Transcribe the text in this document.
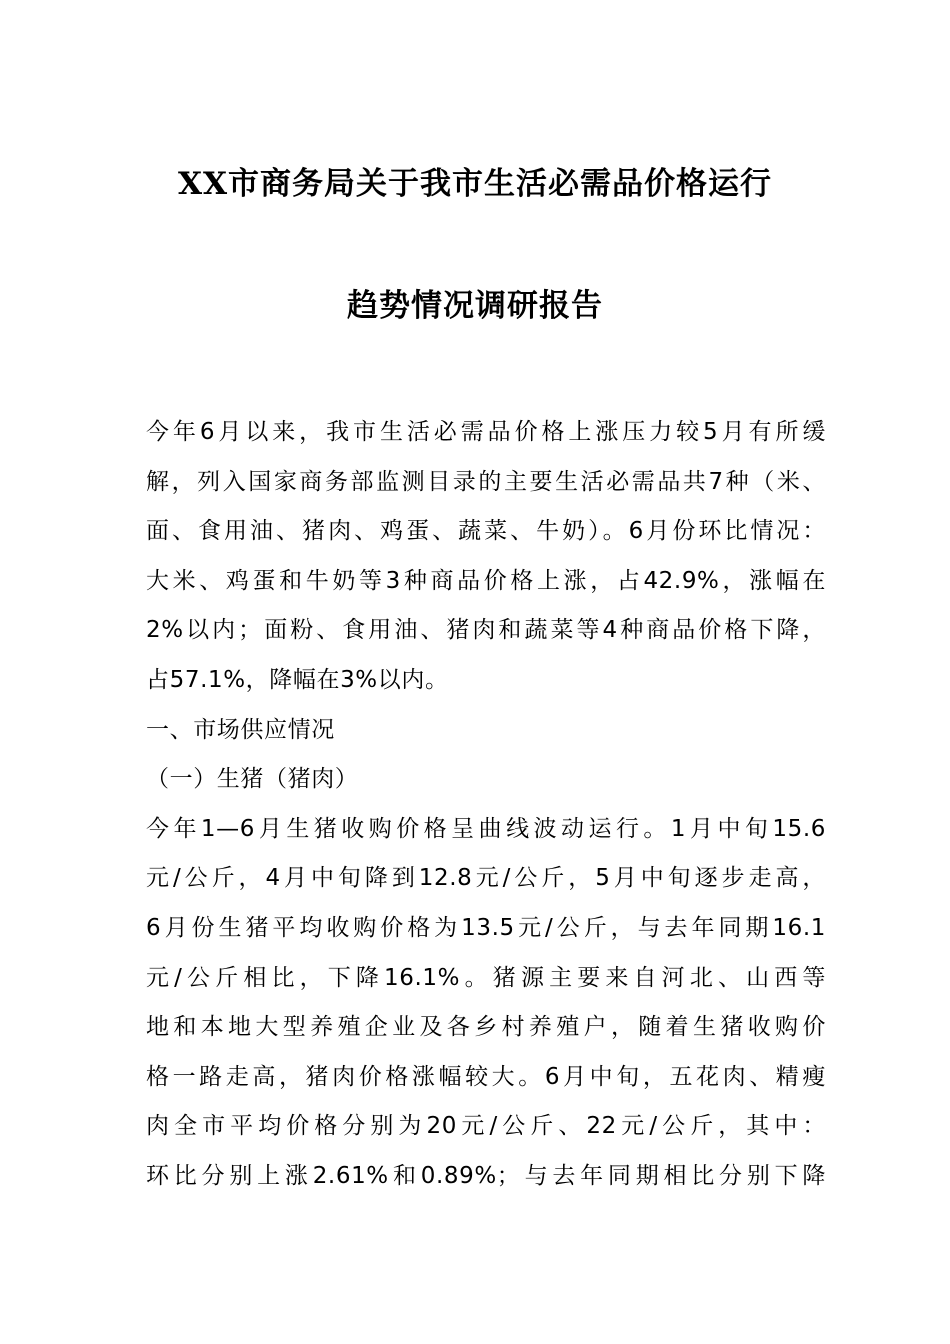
XX市商务局关于我市生活必需品价格运行
趋势情况调研报告
今年6月以来，我市生活必需品价格上涨压力较5月有所缓
解，列入国家商务部监测目录的主要生活必需品共7种（米、
面、食用油、猪肉、鸡蛋、蔬菜、牛奶）。6月份环比情况：
大米、鸡蛋和牛奶等3种商品价格上涨，占42.9%，涨幅在
2%以内；面粉、食用油、猪肉和蔬菜等4种商品价格下降，
占57.1%，降幅在3%以内。
一、市场供应情况
（一）生猪（猪肉）
今年1—6月生猪收购价格呈曲线波动运行。1月中旬15.6
元/公斤，4月中旬降到12.8元/公斤，5月中旬逐步走高，
6月份生猪平均收购价格为13.5元/公斤，与去年同期16.1
元/公斤相比，下降16.1%。猪源主要来自河北、山西等
地和本地大型养殖企业及各乡村养殖户，随着生猪收购价
格一路走高，猪肉价格涨幅较大。6月中旬，五花肉、精瘦
肉全市平均价格分别为20元/公斤、22元/公斤，其中：
环比分别上涨2.61%和0.89%；与去年同期相比分别下降
